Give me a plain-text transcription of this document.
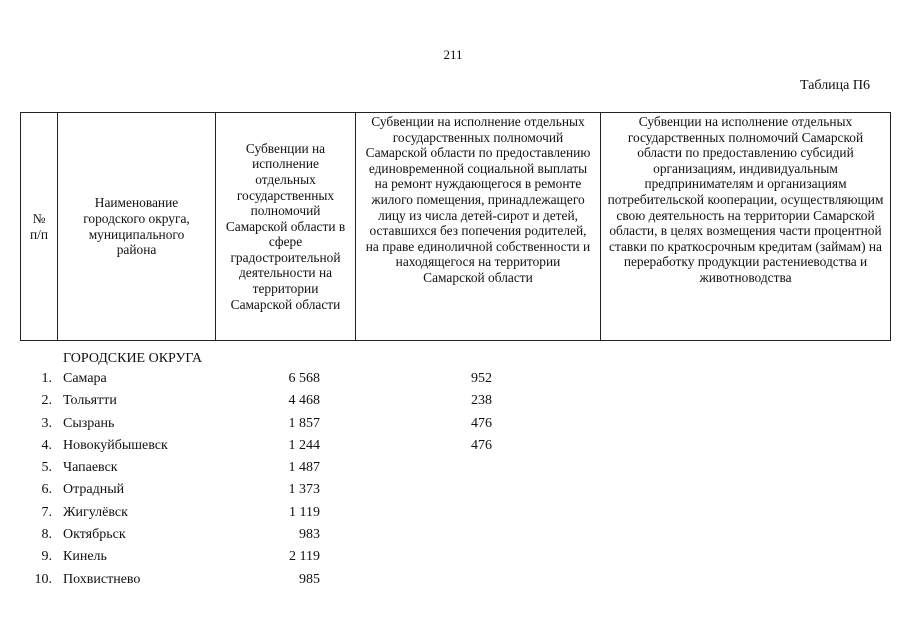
211
Таблица П6
№ п/п	Наименование городского округа, муниципального района	Субвенции на исполнение отдельных государственных полномочий Самарской области в сфере градостроительной деятельности на территории Самарской области	Субвенции на исполнение отдельных государственных полномочий Самарской области по предоставлению единовременной социальной выплаты на ремонт нуждающегося в ремонте жилого помещения, принадлежащего лицу из числа детей-сирот и детей, оставшихся без попечения родителей, на праве единоличной собственности и находящегося на территории Самарской области	Субвенции на исполнение отдельных государственных полномочий Самарской области по предоставлению субсидий организациям, индивидуальным предпринимателям и организациям потребительской кооперации, осуществляющим свою деятельность на территории Самарской области, в целях возмещения части процентной ставки по краткосрочным кредитам (займам) на переработку продукции растениеводства и животноводства
ГОРОДСКИЕ ОКРУГА
1. Самара	6 568	952
2. Тольятти	4 468	238
3. Сызрань	1 857	476
4. Новокуйбышевск	1 244	476
5. Чапаевск	1 487
6. Отрадный	1 373
7. Жигулёвск	1 119
8. Октябрьск	983
9. Кинель	2 119
10. Похвистнево	985
